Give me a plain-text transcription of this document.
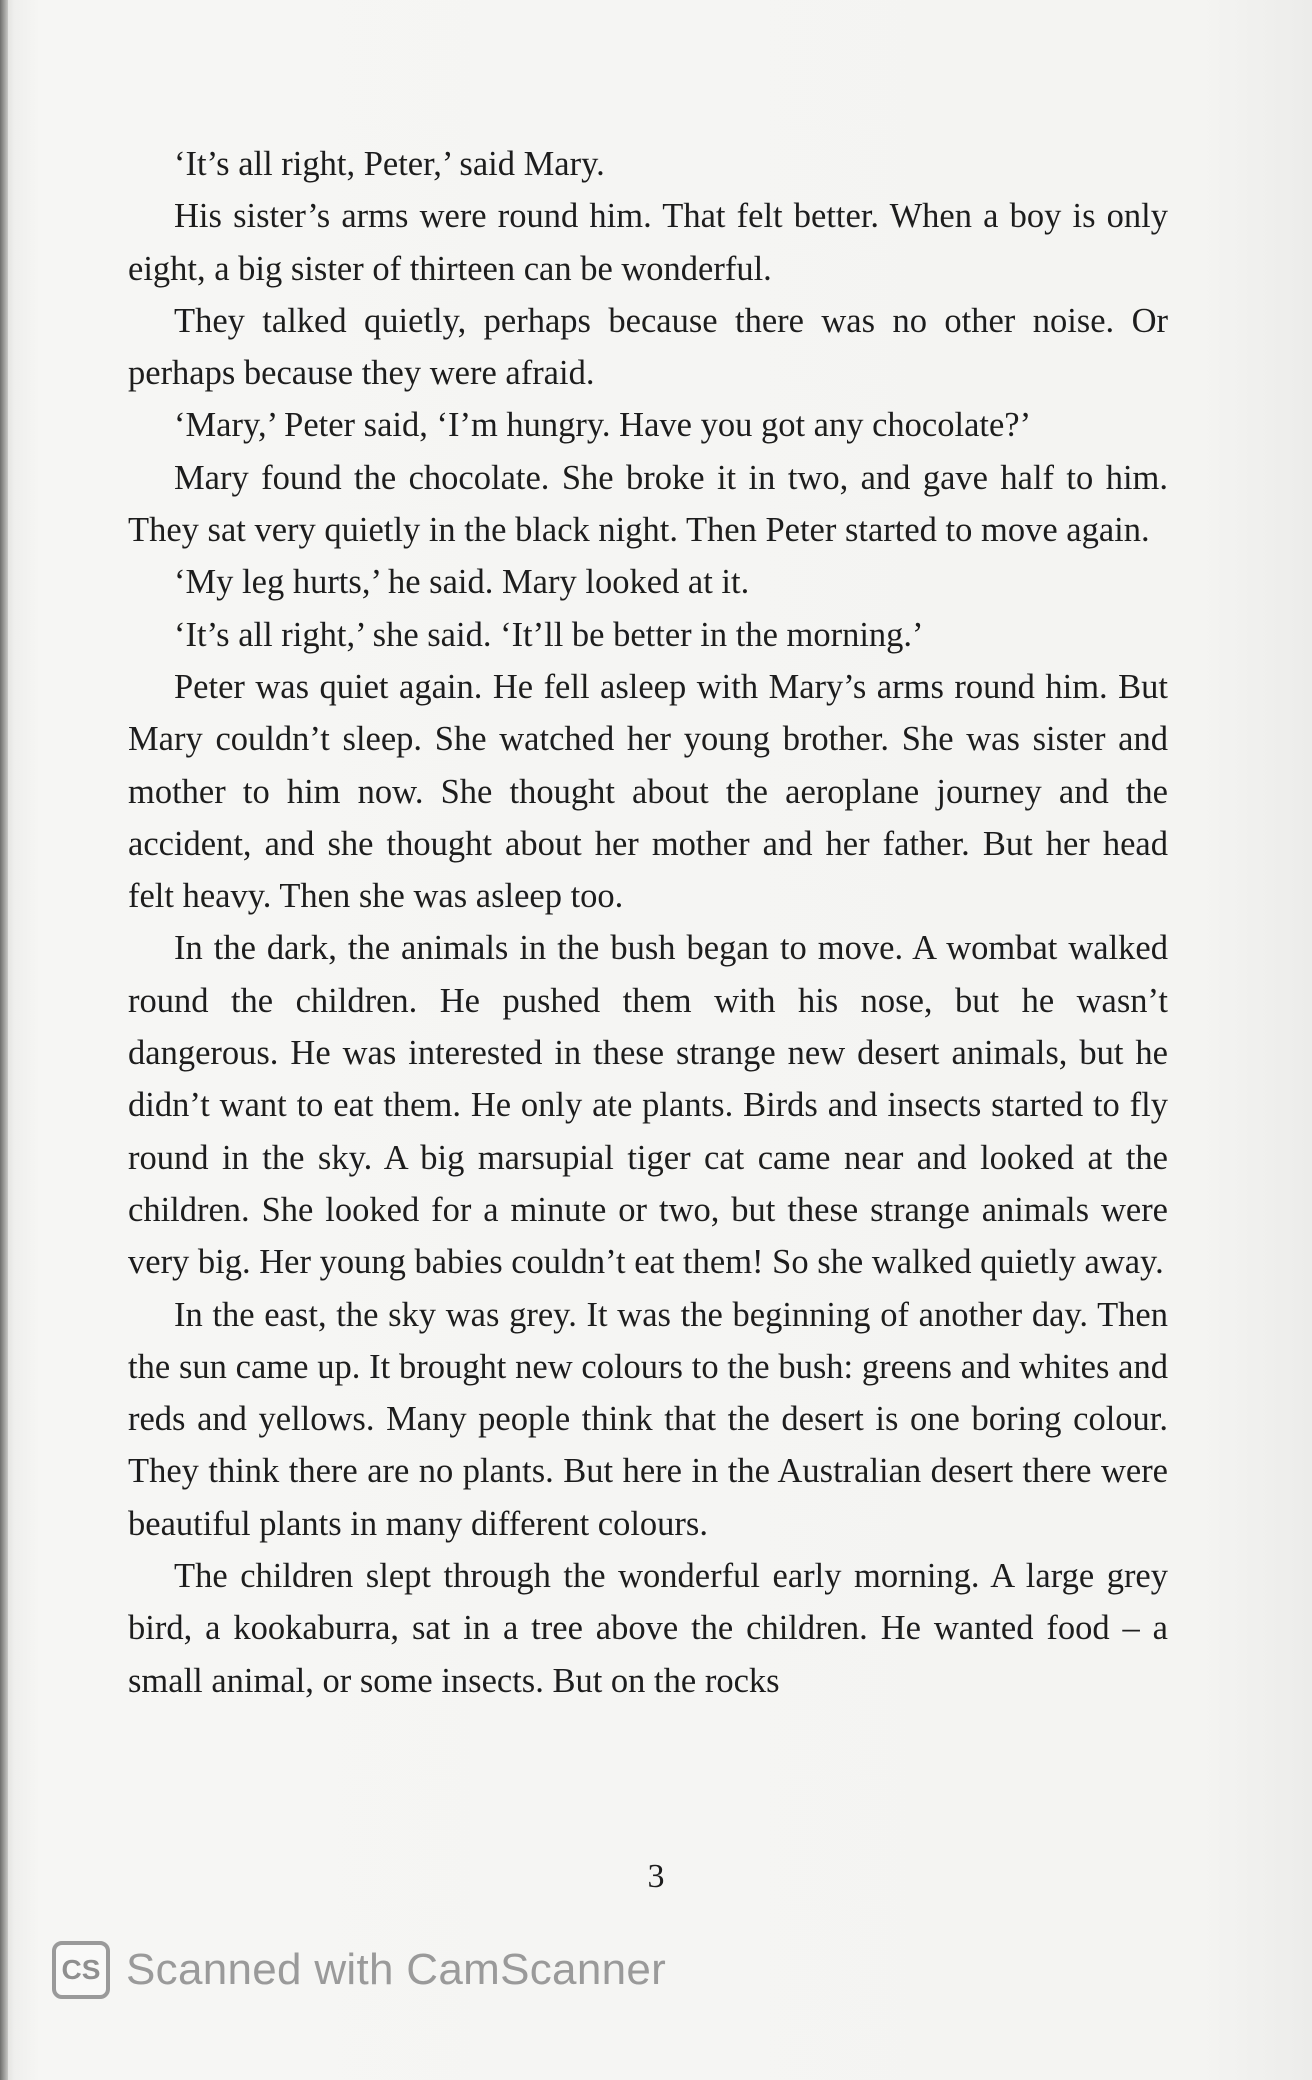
‘It’s all right, Peter,’ said Mary.

His sister’s arms were round him. That felt better. When a boy is only eight, a big sister of thirteen can be wonderful.

They talked quietly, perhaps because there was no other noise. Or perhaps because they were afraid.

‘Mary,’ Peter said, ‘I’m hungry. Have you got any chocolate?’

Mary found the chocolate. She broke it in two, and gave half to him. They sat very quietly in the black night. Then Peter started to move again.

‘My leg hurts,’ he said. Mary looked at it.

‘It’s all right,’ she said. ‘It’ll be better in the morning.’

Peter was quiet again. He fell asleep with Mary’s arms round him. But Mary couldn’t sleep. She watched her young brother. She was sister and mother to him now. She thought about the aeroplane journey and the accident, and she thought about her mother and her father. But her head felt heavy. Then she was asleep too.

In the dark, the animals in the bush began to move. A wombat walked round the children. He pushed them with his nose, but he wasn’t dangerous. He was interested in these strange new desert animals, but he didn’t want to eat them. He only ate plants. Birds and insects started to fly round in the sky. A big marsupial tiger cat came near and looked at the children. She looked for a minute or two, but these strange animals were very big. Her young babies couldn’t eat them! So she walked quietly away.

In the east, the sky was grey. It was the beginning of another day. Then the sun came up. It brought new colours to the bush: greens and whites and reds and yellows. Many people think that the desert is one boring colour. They think there are no plants. But here in the Australian desert there were beautiful plants in many different colours.

The children slept through the wonderful early morning. A large grey bird, a kookaburra, sat in a tree above the children. He wanted food – a small animal, or some insects. But on the rocks

3
CS Scanned with CamScanner
